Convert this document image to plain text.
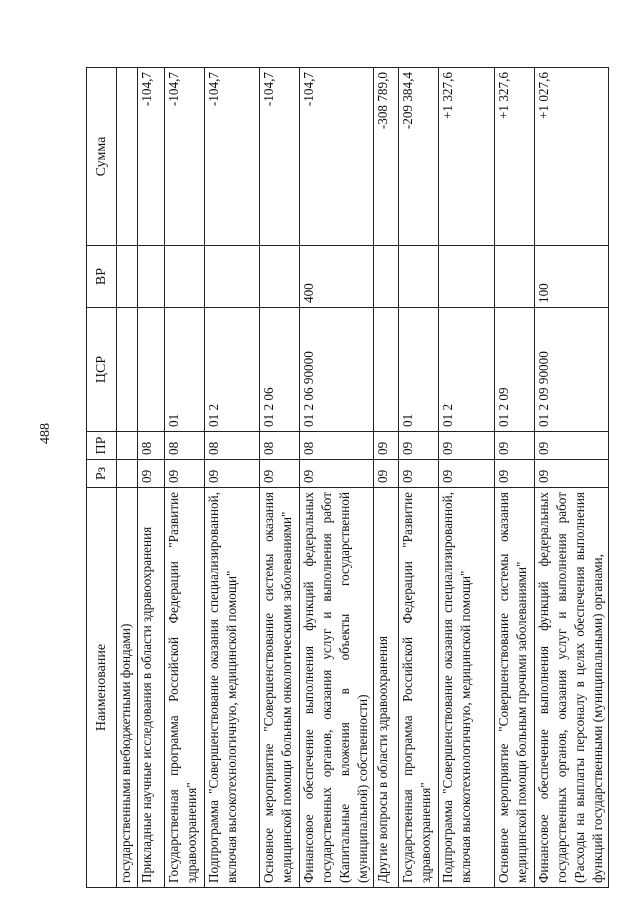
488
Наименование	Рз	ПР	ЦСР	ВР	Сумма
государственными внебюджетными фондами)					
Прикладные научные исследования в области здравоохранения	09	08			-104,7
Государственная программа Российской Федерации "Развитие здравоохранения"	09	08	01		-104,7
Подпрограмма "Совершенствование оказания специализированной, включая высокотехнологичную, медицинской помощи"	09	08	01 2		-104,7
Основное мероприятие "Совершенствование системы оказания медицинской помощи больным онкологическими заболеваниями"	09	08	01 2 06		-104,7
Финансовое обеспечение выполнения функций федеральных государственных органов, оказания услуг и выполнения работ (Капитальные вложения в объекты государственной (муниципальной) собственности)	09	08	01 2 06 90000	400	-104,7
Другие вопросы в области здравоохранения	09	09			-308 789,0
Государственная программа Российской Федерации "Развитие здравоохранения"	09	09	01		-209 384,4
Подпрограмма "Совершенствование оказания специализированной, включая высокотехнологичную, медицинской помощи"	09	09	01 2		+1 327,6
Основное мероприятие "Совершенствование системы оказания медицинской помощи больным прочими заболеваниями"	09	09	01 2 09		+1 327,6
Финансовое обеспечение выполнения функций федеральных государственных органов, оказания услуг и выполнения работ (Расходы на выплаты персоналу в целях обеспечения выполнения функций государственными (муниципальными) органами,	09	09	01 2 09 90000	100	+1 027,6
